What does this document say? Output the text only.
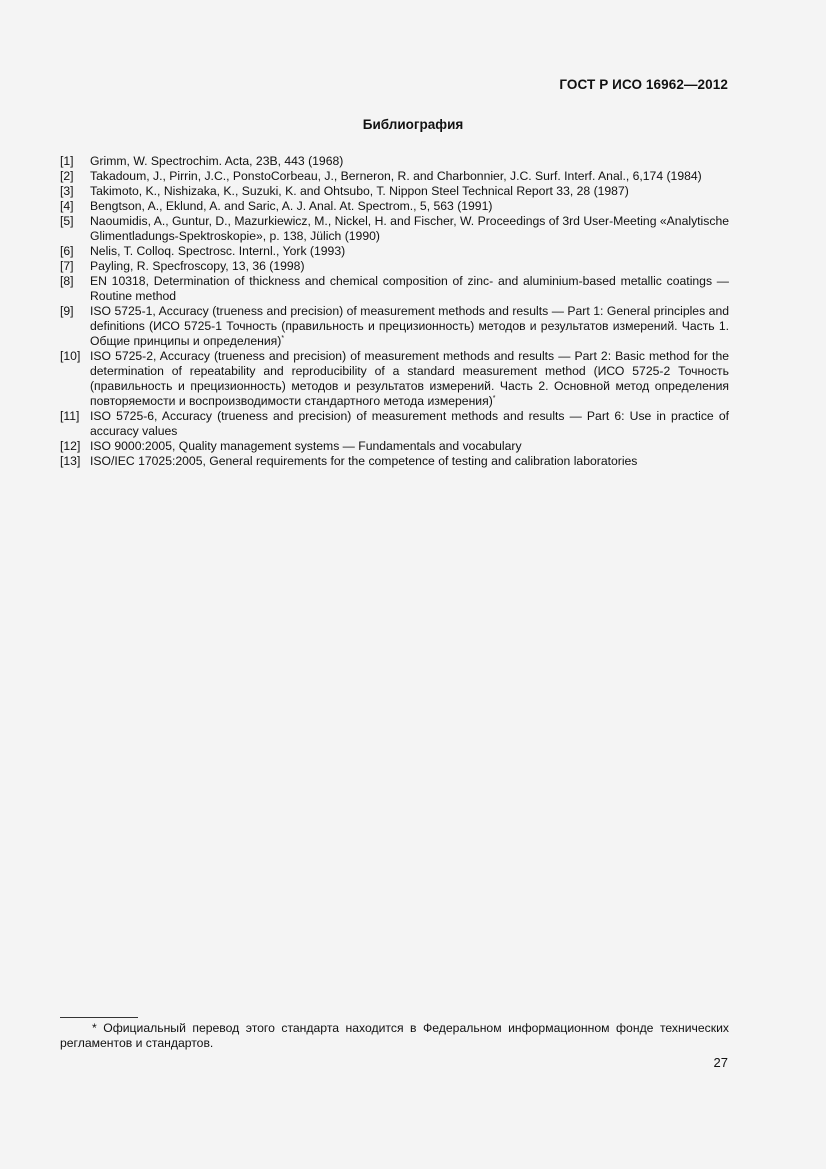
ГОСТ Р ИСО 16962—2012
Библиография
[1]	Grimm, W. Spectrochim. Acta, 23B, 443 (1968)
[2]	Takadoum, J., Pirrin, J.C., PonstoCorbeau, J., Berneron, R. and Charbonnier, J.C. Surf. Interf. Anal., 6,174 (1984)
[3]	Takimoto, K., Nishizaka, K., Suzuki, K. and Ohtsubo, T. Nippon Steel Technical Report 33, 28 (1987)
[4]	Bengtson, A., Eklund, A. and Saric, A. J. Anal. At. Spectrom., 5, 563 (1991)
[5]	Naoumidis, A., Guntur, D., Mazurkiewicz, M., Nickel, H. and Fischer, W. Proceedings of 3rd User-Meeting «Analytische Glimentladungs-Spektroskopie», p. 138, Jülich (1990)
[6]	Nelis, T. Colloq. Spectrosc. Internl., York (1993)
[7]	Payling, R. Specfroscopy, 13, 36 (1998)
[8]	EN 10318, Determination of thickness and chemical composition of zinc- and aluminium-based metallic coatings — Routine method
[9]	ISO 5725-1, Accuracy (trueness and precision) of measurement methods and results — Part 1: General principles and definitions (ИСО 5725-1 Точность (правильность и прецизионность) методов и результатов измерений. Часть 1. Общие принципы и определения)*
[10] ISO 5725-2, Accuracy (trueness and precision) of measurement methods and results — Part 2: Basic method for the determination of repeatability and reproducibility of a standard measurement method (ИСО 5725-2 Точность (правильность и прецизионность) методов и результатов измерений. Часть 2. Основной метод определения повторяемости и воспроизводимости стандартного метода измерения)*
[11] ISO 5725-6, Accuracy (trueness and precision) of measurement methods and results — Part 6: Use in practice of accuracy values
[12] ISO 9000:2005, Quality management systems — Fundamentals and vocabulary
[13] ISO/IEC 17025:2005, General requirements for the competence of testing and calibration laboratories
* Официальный перевод этого стандарта находится в Федеральном информационном фонде технических регламентов и стандартов.
27
